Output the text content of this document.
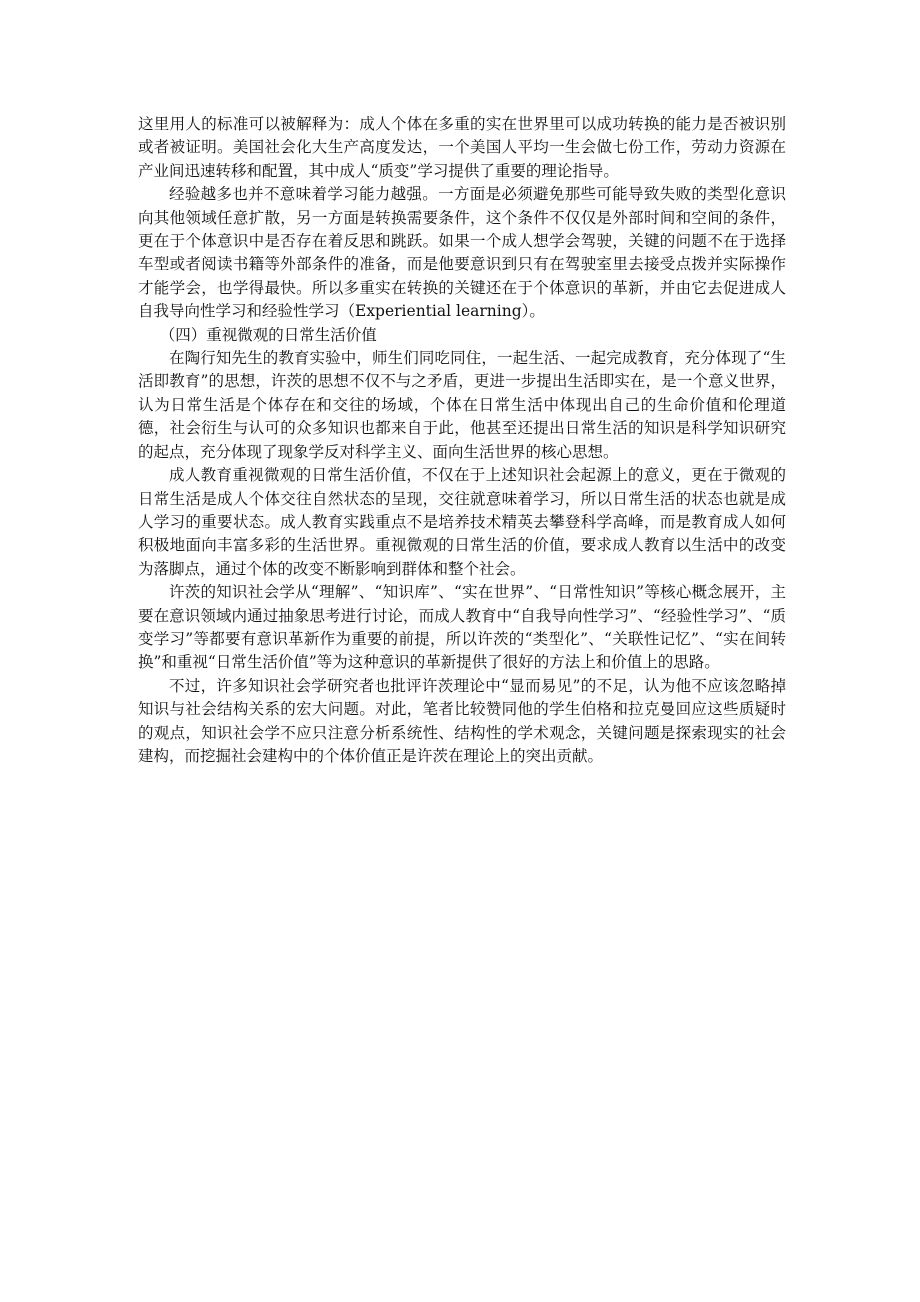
这里用人的标准可以被解释为：成人个体在多重的实在世界里可以成功转换的能力是否被识别或者被证明。美国社会化大生产高度发达，一个美国人平均一生会做七份工作，劳动力资源在产业间迅速转移和配置，其中成人“质变”学习提供了重要的理论指导。

经验越多也并不意味着学习能力越强。一方面是必须避免那些可能导致失败的类型化意识向其他领域任意扩散，另一方面是转换需要条件，这个条件不仅仅是外部时间和空间的条件，更在于个体意识中是否存在着反思和跳跃。如果一个成人想学会驾驶，关键的问题不在于选择车型或者阅读书籍等外部条件的准备，而是他要意识到只有在驾驶室里去接受点拨并实际操作才能学会，也学得最快。所以多重实在转换的关键还在于个体意识的革新，并由它去促进成人自我导向性学习和经验性学习（Experiential learning）。

（四）重视微观的日常生活价值

在陶行知先生的教育实验中，师生们同吃同住，一起生活、一起完成教育，充分体现了“生活即教育”的思想，许茨的思想不仅不与之矛盾，更进一步提出生活即实在，是一个意义世界，认为日常生活是个体存在和交往的场域，个体在日常生活中体现出自己的生命价值和伦理道德，社会衍生与认可的众多知识也都来自于此，他甚至还提出日常生活的知识是科学知识研究的起点，充分体现了现象学反对科学主义、面向生活世界的核心思想。

成人教育重视微观的日常生活价值，不仅在于上述知识社会起源上的意义，更在于微观的日常生活是成人个体交往自然状态的呈现，交往就意味着学习，所以日常生活的状态也就是成人学习的重要状态。成人教育实践重点不是培养技术精英去攀登科学高峰，而是教育成人如何积极地面向丰富多彩的生活世界。重视微观的日常生活的价值，要求成人教育以生活中的改变为落脚点，通过个体的改变不断影响到群体和整个社会。

许茨的知识社会学从“理解”、“知识库”、“实在世界”、“日常性知识”等核心概念展开，主要在意识领域内通过抽象思考进行讨论，而成人教育中“自我导向性学习”、“经验性学习”、“质变学习”等都要有意识革新作为重要的前提，所以许茨的“类型化”、“关联性记忆”、“实在间转换”和重视“日常生活价值”等为这种意识的革新提供了很好的方法上和价值上的思路。

不过，许多知识社会学研究者也批评许茨理论中“显而易见”的不足，认为他不应该忽略掉知识与社会结构关系的宏大问题。对此，笔者比较赞同他的学生伯格和拉克曼回应这些质疑时的观点，知识社会学不应只注意分析系统性、结构性的学术观念，关键问题是探索现实的社会建构，而挖掘社会建构中的个体价值正是许茨在理论上的突出贡献。
